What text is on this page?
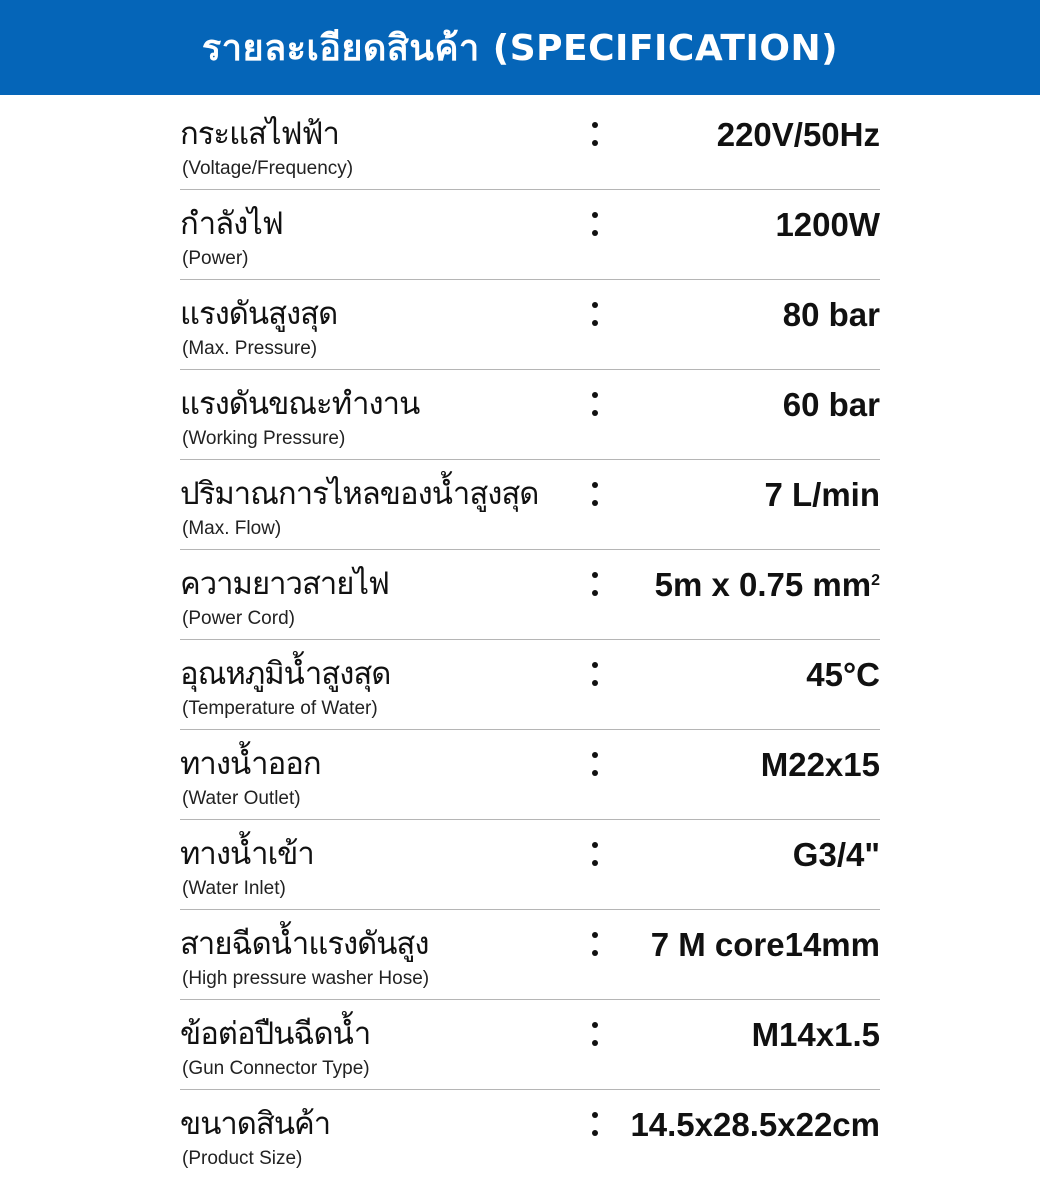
รายละเอียดสินค้า (SPECIFICATION)
กระแสไฟฟ้า
(Voltage/Frequency)
220V/50Hz
กำลังไฟ
(Power)
1200W
แรงดันสูงสุด
(Max. Pressure)
80 bar
แรงดันขณะทำงาน
(Working Pressure)
60 bar
ปริมาณการไหลของน้ำสูงสุด
(Max. Flow)
7 L/min
ความยาวสายไฟ
(Power Cord)
5m x 0.75 $mm^2$
อุณหภูมิน้ำสูงสุด
(Temperature of Water)
45°C
ทางน้ำออก
(Water Outlet)
M22x15
ทางน้ำเข้า
(Water Inlet)
G3/4"
สายฉีดน้ำแรงดันสูง
(High pressure washer Hose)
7 M core14mm
ข้อต่อปืนฉีดน้ำ
(Gun Connector Type)
M14x1.5
ขนาดสินค้า
(Product Size)
14.5x28.5x22cm
